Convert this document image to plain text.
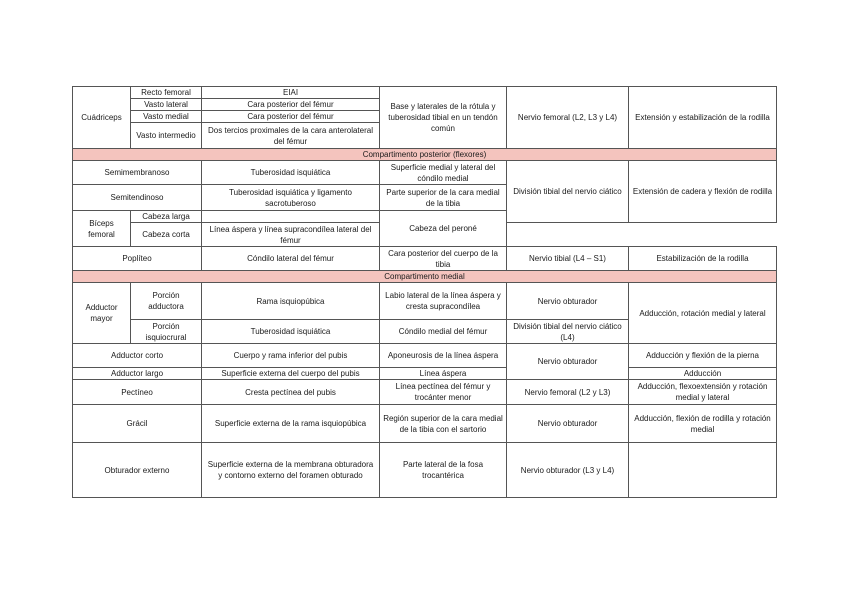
Cuádriceps	Recto femoral	EIAI	Base y laterales de la rótula y tuberosidad tibial en un tendón común	Nervio femoral (L2, L3 y L4)	Extensión y estabilización de la rodilla
	Vasto lateral	Cara posterior del fémur			
	Vasto medial	Cara posterior del fémur			
	Vasto intermedio	Dos tercios proximales de la cara anterolateral del fémur			
Compartimento posterior (flexores)					
Semimembranoso		Tuberosidad isquiática	Superficie medial y lateral del cóndilo medial	División tibial del nervio ciático	Extensión de cadera y flexión de rodilla
Semitendinoso		Tuberosidad isquiática y ligamento sacrotuberoso	Parte superior de la cara medial de la tibia		

Bíceps femoral	Cabeza larga		Cabeza del peroné		
	Cabeza corta	Línea áspera y línea supracondílea lateral del fémur		
Poplíteo		Cóndilo lateral del fémur	Cara posterior del cuerpo de la tibia	Nervio tibial (L4 – S1)	Estabilización de la rodilla
Compartimento medial					
Adductor mayor	Porción adductora	Rama isquiopúbica	Labio lateral de la línea áspera y cresta supracondílea	Nervio obturador	Adducción, rotación medial y lateral
	Porción isquiocrural	Tuberosidad isquiática	Cóndilo medial del fémur	División tibial del nervio ciático (L4)	
Adductor corto		Cuerpo y rama inferior del pubis	Aponeurosis de la línea áspera	Nervio obturador	Adducción y flexión de la pierna
Adductor largo		Superficie externa del cuerpo del pubis	Línea áspera		Adducción
Pectíneo		Cresta pectínea del pubis	Línea pectínea del fémur y trocánter menor	Nervio femoral (L2 y L3)	Adducción, flexoextensión y rotación medial y lateral
Grácil		Superficie externa de la rama isquiopúbica	Región superior de la cara medial de la tibia con el sartorio	Nervio obturador	Adducción, flexión de rodilla y rotación medial
Obturador externo		Superficie externa de la membrana obturadora y contorno externo del foramen obturado	Parte lateral de la fosa trocantérica	Nervio obturador (L3 y L4)	
